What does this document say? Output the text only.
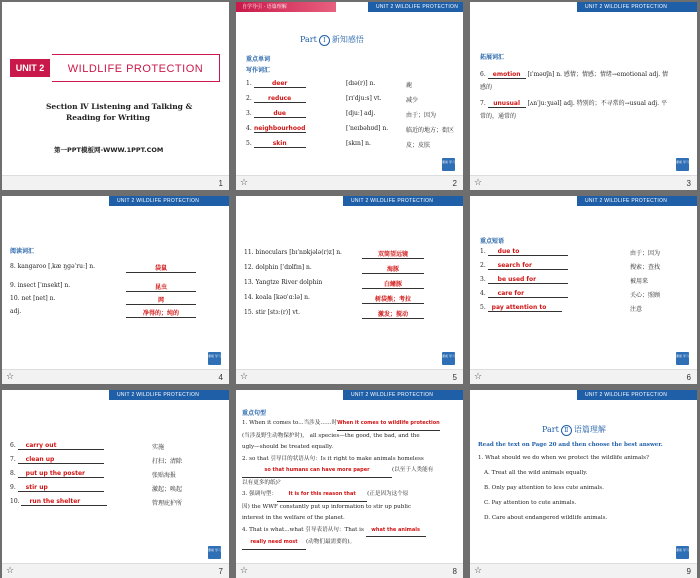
UNIT 2	WILDLIFE PROTECTION
Section Ⅳ Listening and Talking &
Reading for Writing
第一PPT模板网-WWW.1PPT.COM
1
自学导引 · 语篇理解	UNIT 2 WILDLIFE PROTECTION
Part Ⅰ 新知感悟
重点单词
写作词汇
1.	deer	[dɪə(r)] n.	鹿
2.	reduce	[rɪˈdjuːs] vt.	减少
3.	due	[djuː] adj.	由于；因为
4. neighbourhood	[ˈneɪbəhʊd] n.	临近的地方；街区
5.	skin	[skɪn] n.	皮；皮肤
课前 学习
☆	2
UNIT 2 WILDLIFE PROTECTION
拓展词汇
6. emotion [ɪˈməʊʃn] n. 感情；情感；情绪→emotional adj. 情
感的
7. unusual [ʌnˈjuːʒuəl] adj. 特别的；不寻常的→usual adj. 平
常的，通常的
课前 学习
☆	3
UNIT 2 WILDLIFE PROTECTION
阅读词汇
8. kangaroo [ˌkæ ŋɡəˈruː] n.	袋鼠
9. insect [ˈɪnsekt] n.	昆虫
10. net [net] n.	网
adj.	净得的；纯的
课前 学习
☆	4
UNIT 2 WILDLIFE PROTECTION
11. binoculars [bɪˈnɒkjələ(r)z] n.	双筒望远镜
12. dolphin [ˈdɒlfɪn] n.	海豚
13. Yangtze River dolphin	白鳍豚
14. koala [kəʊˈɑːlə] n.	树袋熊；考拉
15. stir [stɜː(r)] vt.	激发；搅动
课前 学习
☆	5
UNIT 2 WILDLIFE PROTECTION
重点短语
1. due to	由于；因为
2. search for	搜索；查找
3. be used for	被用来
4. care for	关心；照顾
5. pay attention to	注意
课前 学习
☆	6
UNIT 2 WILDLIFE PROTECTION
6. carry out	实施
7. clean up	打扫；清除
8. put up the poster	张贴海报
9. stir up	激起；唤起
10. run the shelter	管理庇护所
课前 学习
☆	7
UNIT 2 WILDLIFE PROTECTION
重点句型
1. When it comes to...当涉及……时When it comes to wildlife protection
(当涉及野生动物保护时)， all species—the good, the bad, and the
ugly—should be treated equally.
2. so that 引导目的状语从句：Is it right to make animals homeless
so that humans can have more paper	(以至于人类能有
以有更多的纸)？
3. 强调句型： It is for this reason that (正是因为这个原
因) the WWF constantly put up information to stir up public
interest in the welfare of the planet.
4. That is what...what 引导表语从句：That is what the animals
really need most (动物们最需要的)。
☆	8
UNIT 2 WILDLIFE PROTECTION
Part Ⅱ 语篇理解
Read the text on Page 20 and then choose the best answer.
1. What should we do when we protect the wildlife animals?
A. Treat all the wild animals equally.
B. Only pay attention to less cute animals.
C. Pay attention to cute animals.
D. Care about endangered wildlife animals.
课前 学习
☆	9
